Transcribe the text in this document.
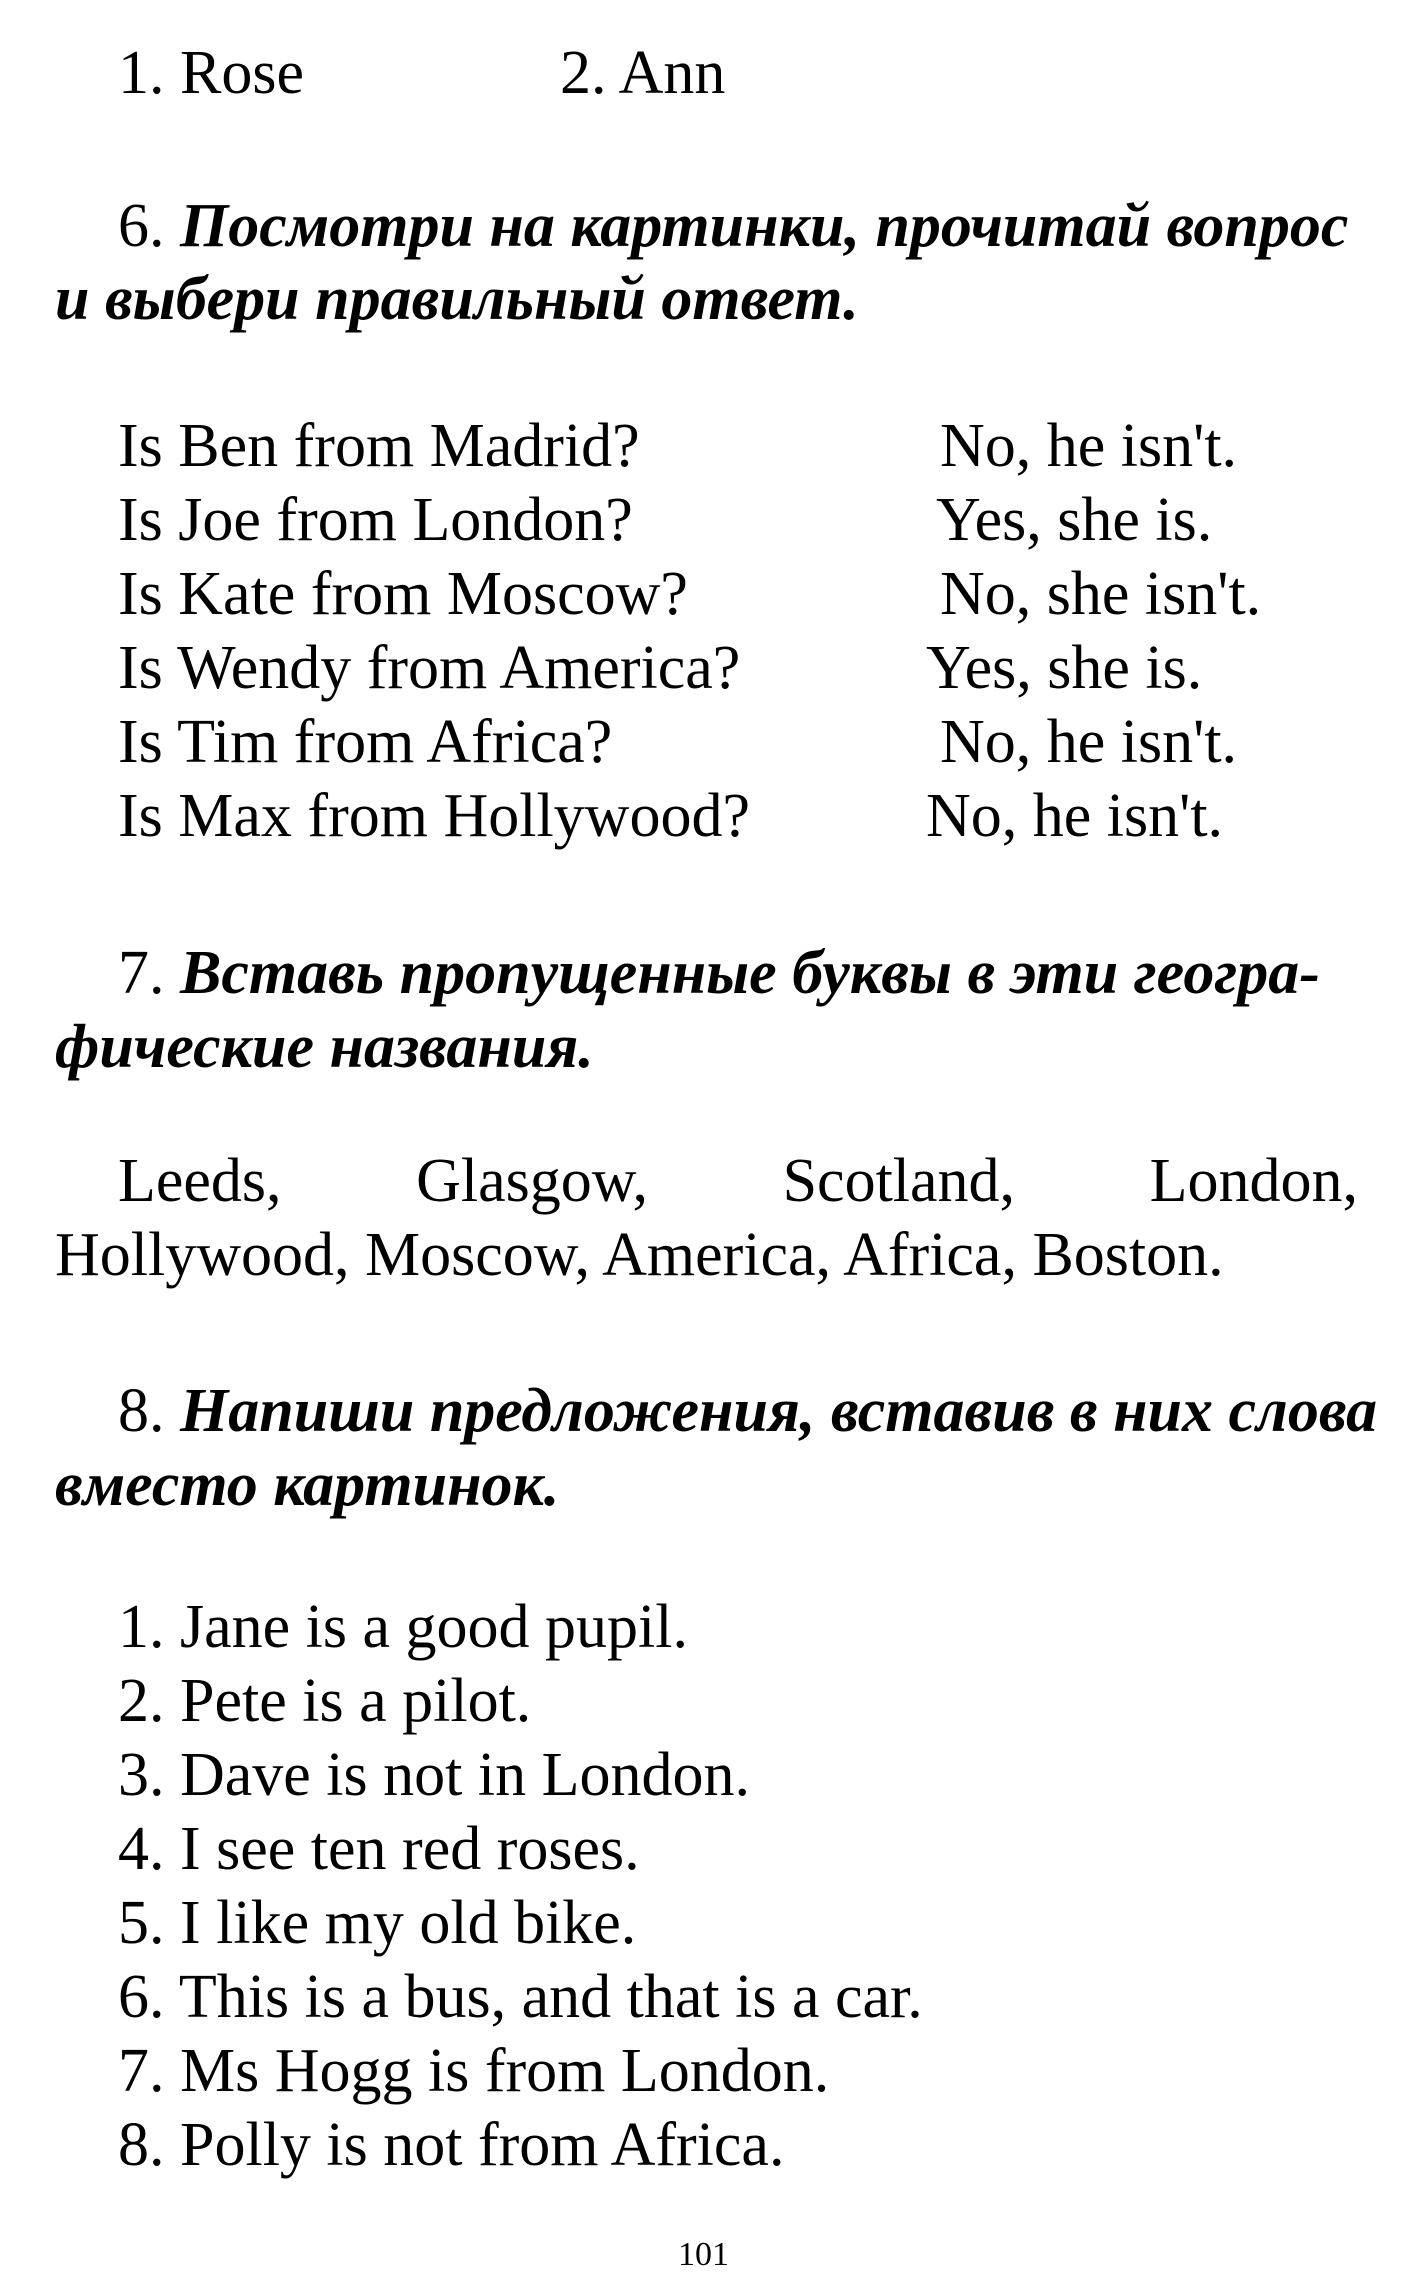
1. Rose	2. Ann
6. Посмотри на картинки, прочитай вопрос
и выбери правильный ответ.
Is Ben from Madrid?	No, he isn't.
Is Joe from London?	Yes, she is.
Is Kate from Moscow?	No, she isn't.
Is Wendy from America?	Yes, she is.
Is Tim from Africa?	No, he isn't.
Is Max from Hollywood?	No, he isn't.
7. Вставь пропущенные буквы в эти геогра-
фические названия.
Leeds, Glasgow, Scotland, London,
Hollywood, Moscow, America, Africa, Boston.
8. Напиши предложения, вставив в них слова
вместо картинок.
1. Jane is a good pupil.
2. Pete is a pilot.
3. Dave is not in London.
4. I see ten red roses.
5. I like my old bike.
6. This is a bus, and that is a car.
7. Ms Hogg is from London.
8. Polly is not from Africa.
101
